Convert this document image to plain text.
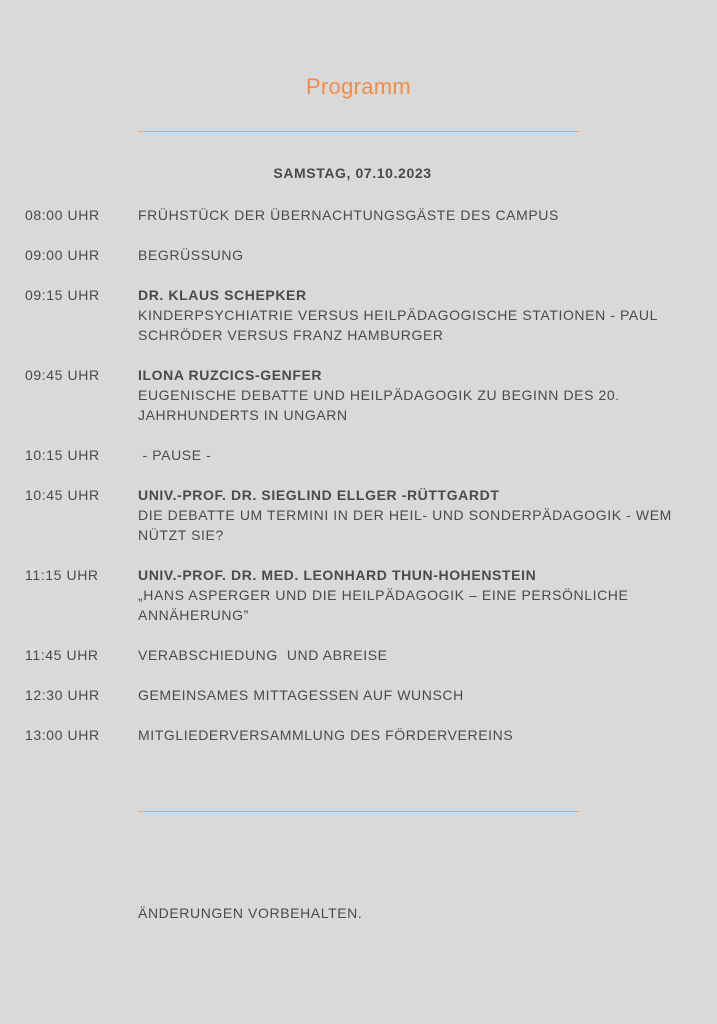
Programm
SAMSTAG, 07.10.2023
08:00 UHR	FRÜHSTÜCK DER ÜBERNACHTUNGSGÄSTE DES CAMPUS
09:00 UHR	BEGRÜSSUNG
09:15 UHR	DR. KLAUS SCHEPKER
KINDERPSYCHIATRIE VERSUS HEILPÄDAGOGISCHE STATIONEN - PAUL SCHRÖDER VERSUS FRANZ HAMBURGER
09:45 UHR	ILONA RUZCICS-GENFER
EUGENISCHE DEBATTE UND HEILPÄDAGOGIK ZU BEGINN DES 20. JAHRHUNDERTS IN UNGARN
10:15 UHR	- PAUSE -
10:45 UHR	UNIV.-PROF. DR. SIEGLIND ELLGER -RÜTTGARDT
DIE DEBATTE UM TERMINI IN DER HEIL- UND SONDERPÄDAGOGIK - WEM NÜTZT SIE?
11:15 UHR	UNIV.-PROF. DR. MED. LEONHARD THUN-HOHENSTEIN
„HANS ASPERGER UND DIE HEILPÄDAGOGIK – EINE PERSÖNLICHE ANNÄHERUNG”
11:45 UHR	VERABSCHIEDUNG  UND ABREISE
12:30 UHR	GEMEINSAMES MITTAGESSEN AUF WUNSCH
13:00 UHR	MITGLIEDERVERSAMMLUNG DES FÖRDERVEREINS
ÄNDERUNGEN VORBEHALTEN.
